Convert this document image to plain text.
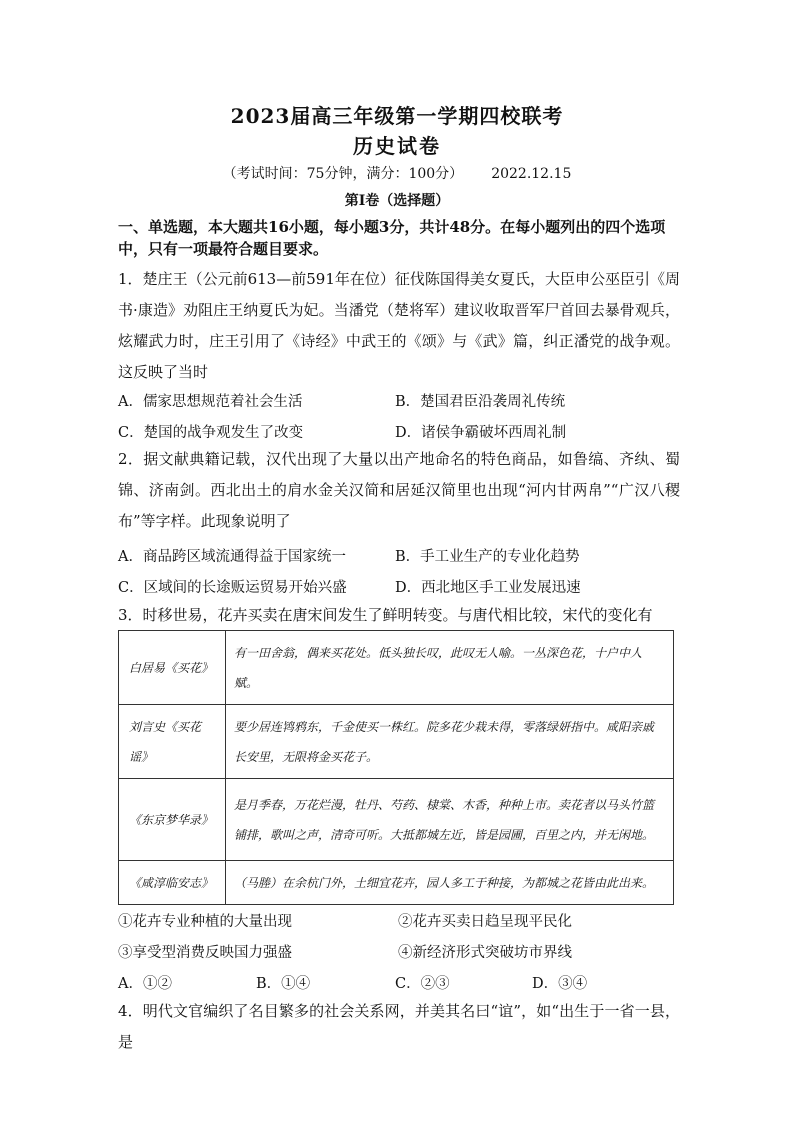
2023届高三年级第一学期四校联考
历史试卷
（考试时间：75分钟，满分：100分） 2022.12.15
第Ⅰ卷（选择题）
一、单选题，本大题共16小题，每小题3分，共计48分。在每小题列出的四个选项中，只有一项最符合题目要求。
1．楚庄王（公元前613—前591年在位）征伐陈国得美女夏氏，大臣申公巫臣引《周书·康造》劝阻庄王纳夏氏为妃。当潘党（楚将军）建议收取晋军尸首回去暴骨观兵，炫耀武力时，庄王引用了《诗经》中武王的《颂》与《武》篇，纠正潘党的战争观。这反映了当时
A．儒家思想规范着社会生活	B．楚国君臣沿袭周礼传统
C．楚国的战争观发生了改变	D．诸侯争霸破坏西周礼制
2．据文献典籍记载，汉代出现了大量以出产地命名的特色商品，如鲁缟、齐纨、蜀锦、济南剑。西北出土的肩水金关汉简和居延汉简里也出现“河内甘两帛”“广汉八稷布”等字样。此现象说明了
A．商品跨区域流通得益于国家统一	B．手工业生产的专业化趋势
C．区域间的长途贩运贸易开始兴盛	D．西北地区手工业发展迅速
3．时移世易，花卉买卖在唐宋间发生了鲜明转变。与唐代相比较，宋代的变化有
白居易《买花》	有一田舍翁，偶来买花处。低头独长叹，此叹无人喻。一丛深色花，十户中人赋。
刘言史《买花谣》	要少居连鸨鸦东，千金使买一株红。院多花少栽未得，零落绿妍指中。咸阳亲戚长安里，无限将金买花子。
《东京梦华录》	是月季春，万花烂漫，牡丹、芍药、棣棠、木香，种种上市。卖花者以马头竹篮铺排，歌叫之声，清奇可听。大抵都城左近，皆是园圃，百里之内，并无闲地。
《咸淳临安志》	（马塍）在余杭门外，土细宜花卉，园人多工于种接，为都城之花皆由此出来。
①花卉专业种植的大量出现	②花卉买卖日趋呈现平民化
③享受型消费反映国力强盛	④新经济形式突破坊市界线
A．①②	B．①④	C．②③	D．③④
4．明代文官编织了名目繁多的社会关系网，并美其名曰“谊”，如“出生于一省一县，是
